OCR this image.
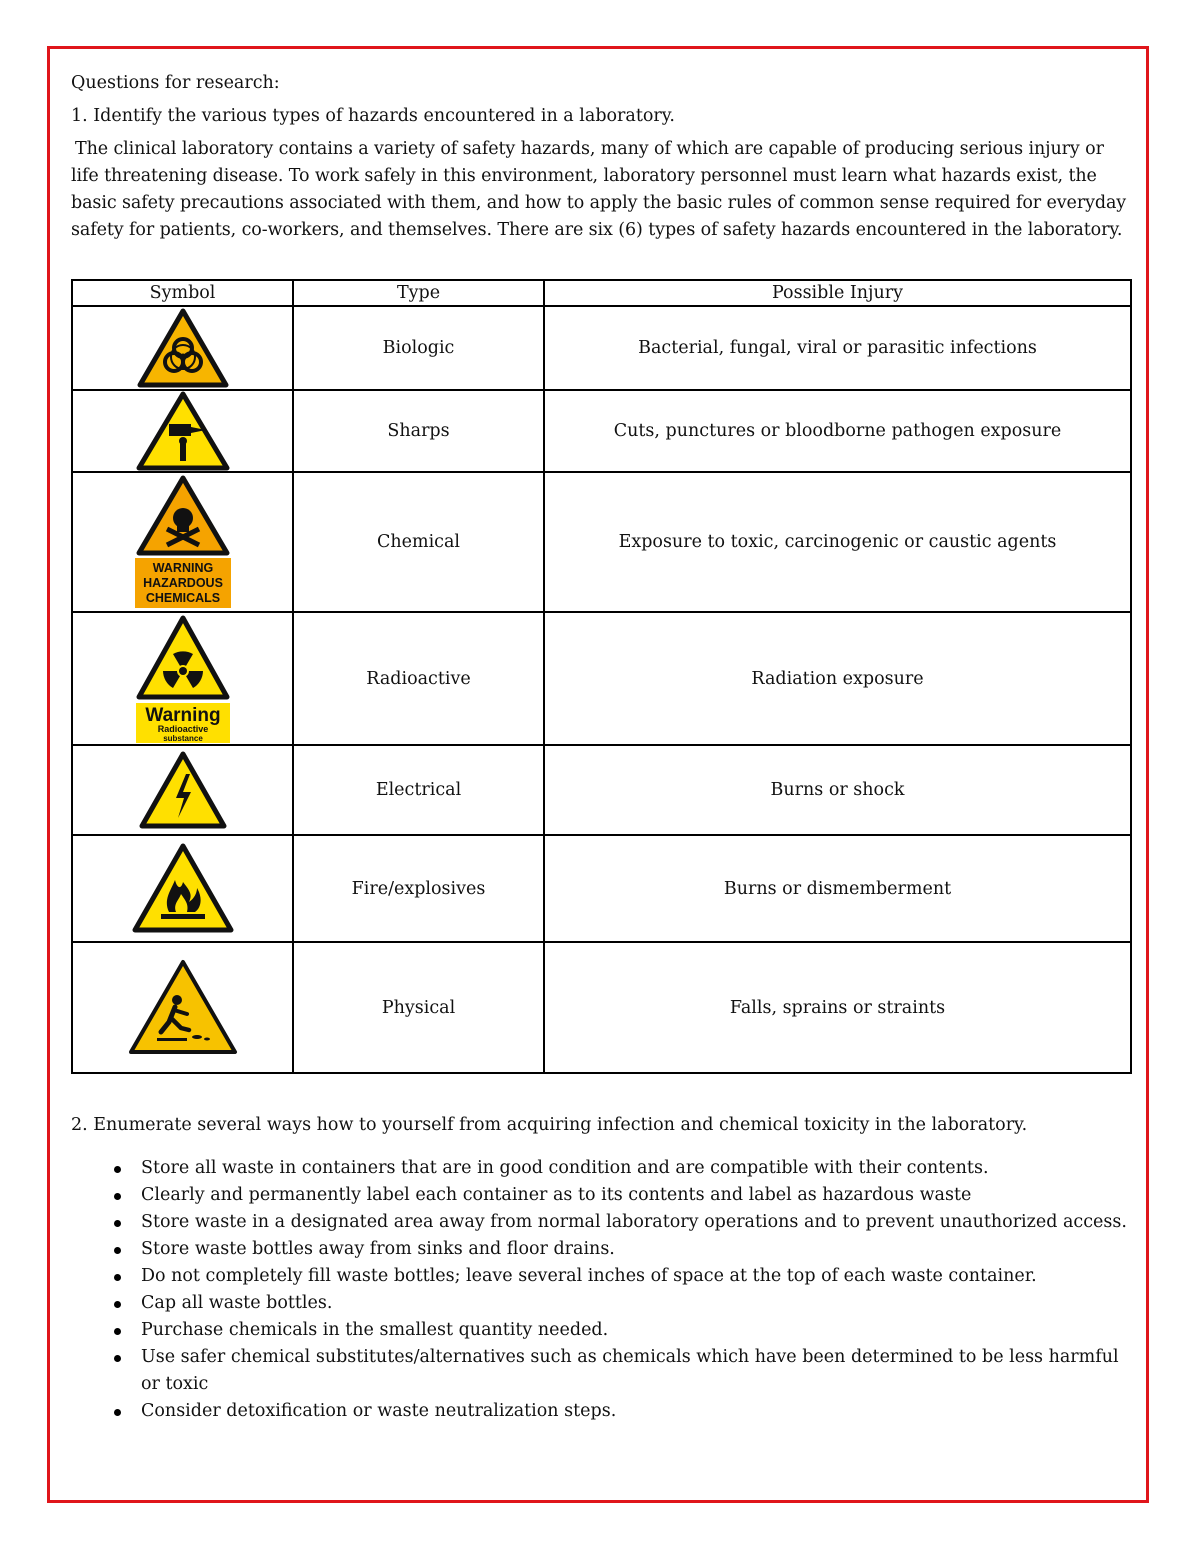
Questions for research:

1. Identify the various types of hazards encountered in a laboratory.

The clinical laboratory contains a variety of safety hazards, many of which are capable of producing serious injury or life threatening disease. To work safely in this environment, laboratory personnel must learn what hazards exist, the basic safety precautions associated with them, and how to apply the basic rules of common sense required for everyday safety for patients, co-workers, and themselves. There are six (6) types of safety hazards encountered in the laboratory.

Symbol	Type	Possible Injury

	Biologic	Bacterial, fungal, viral or parasitic infections

	Sharps	Cuts, punctures or bloodborne pathogen exposure

WARNING
HAZARDOUS
CHEMICALS	Chemical	Exposure to toxic, carcinogenic or caustic agents

Warning
Radioactive
substance	Radioactive	Radiation exposure

	Electrical	Burns or shock

	Fire/explosives	Burns or dismemberment

	Physical	Falls, sprains or straints

2. Enumerate several ways how to yourself from acquiring infection and chemical toxicity in the laboratory.

Store all waste in containers that are in good condition and are compatible with their contents.
Clearly and permanently label each container as to its contents and label as hazardous waste
Store waste in a designated area away from normal laboratory operations and to prevent unauthorized access.
Store waste bottles away from sinks and floor drains.
Do not completely fill waste bottles; leave several inches of space at the top of each waste container.
Cap all waste bottles.
Purchase chemicals in the smallest quantity needed.
Use safer chemical substitutes/alternatives such as chemicals which have been determined to be less harmful or toxic
Consider detoxification or waste neutralization steps.
